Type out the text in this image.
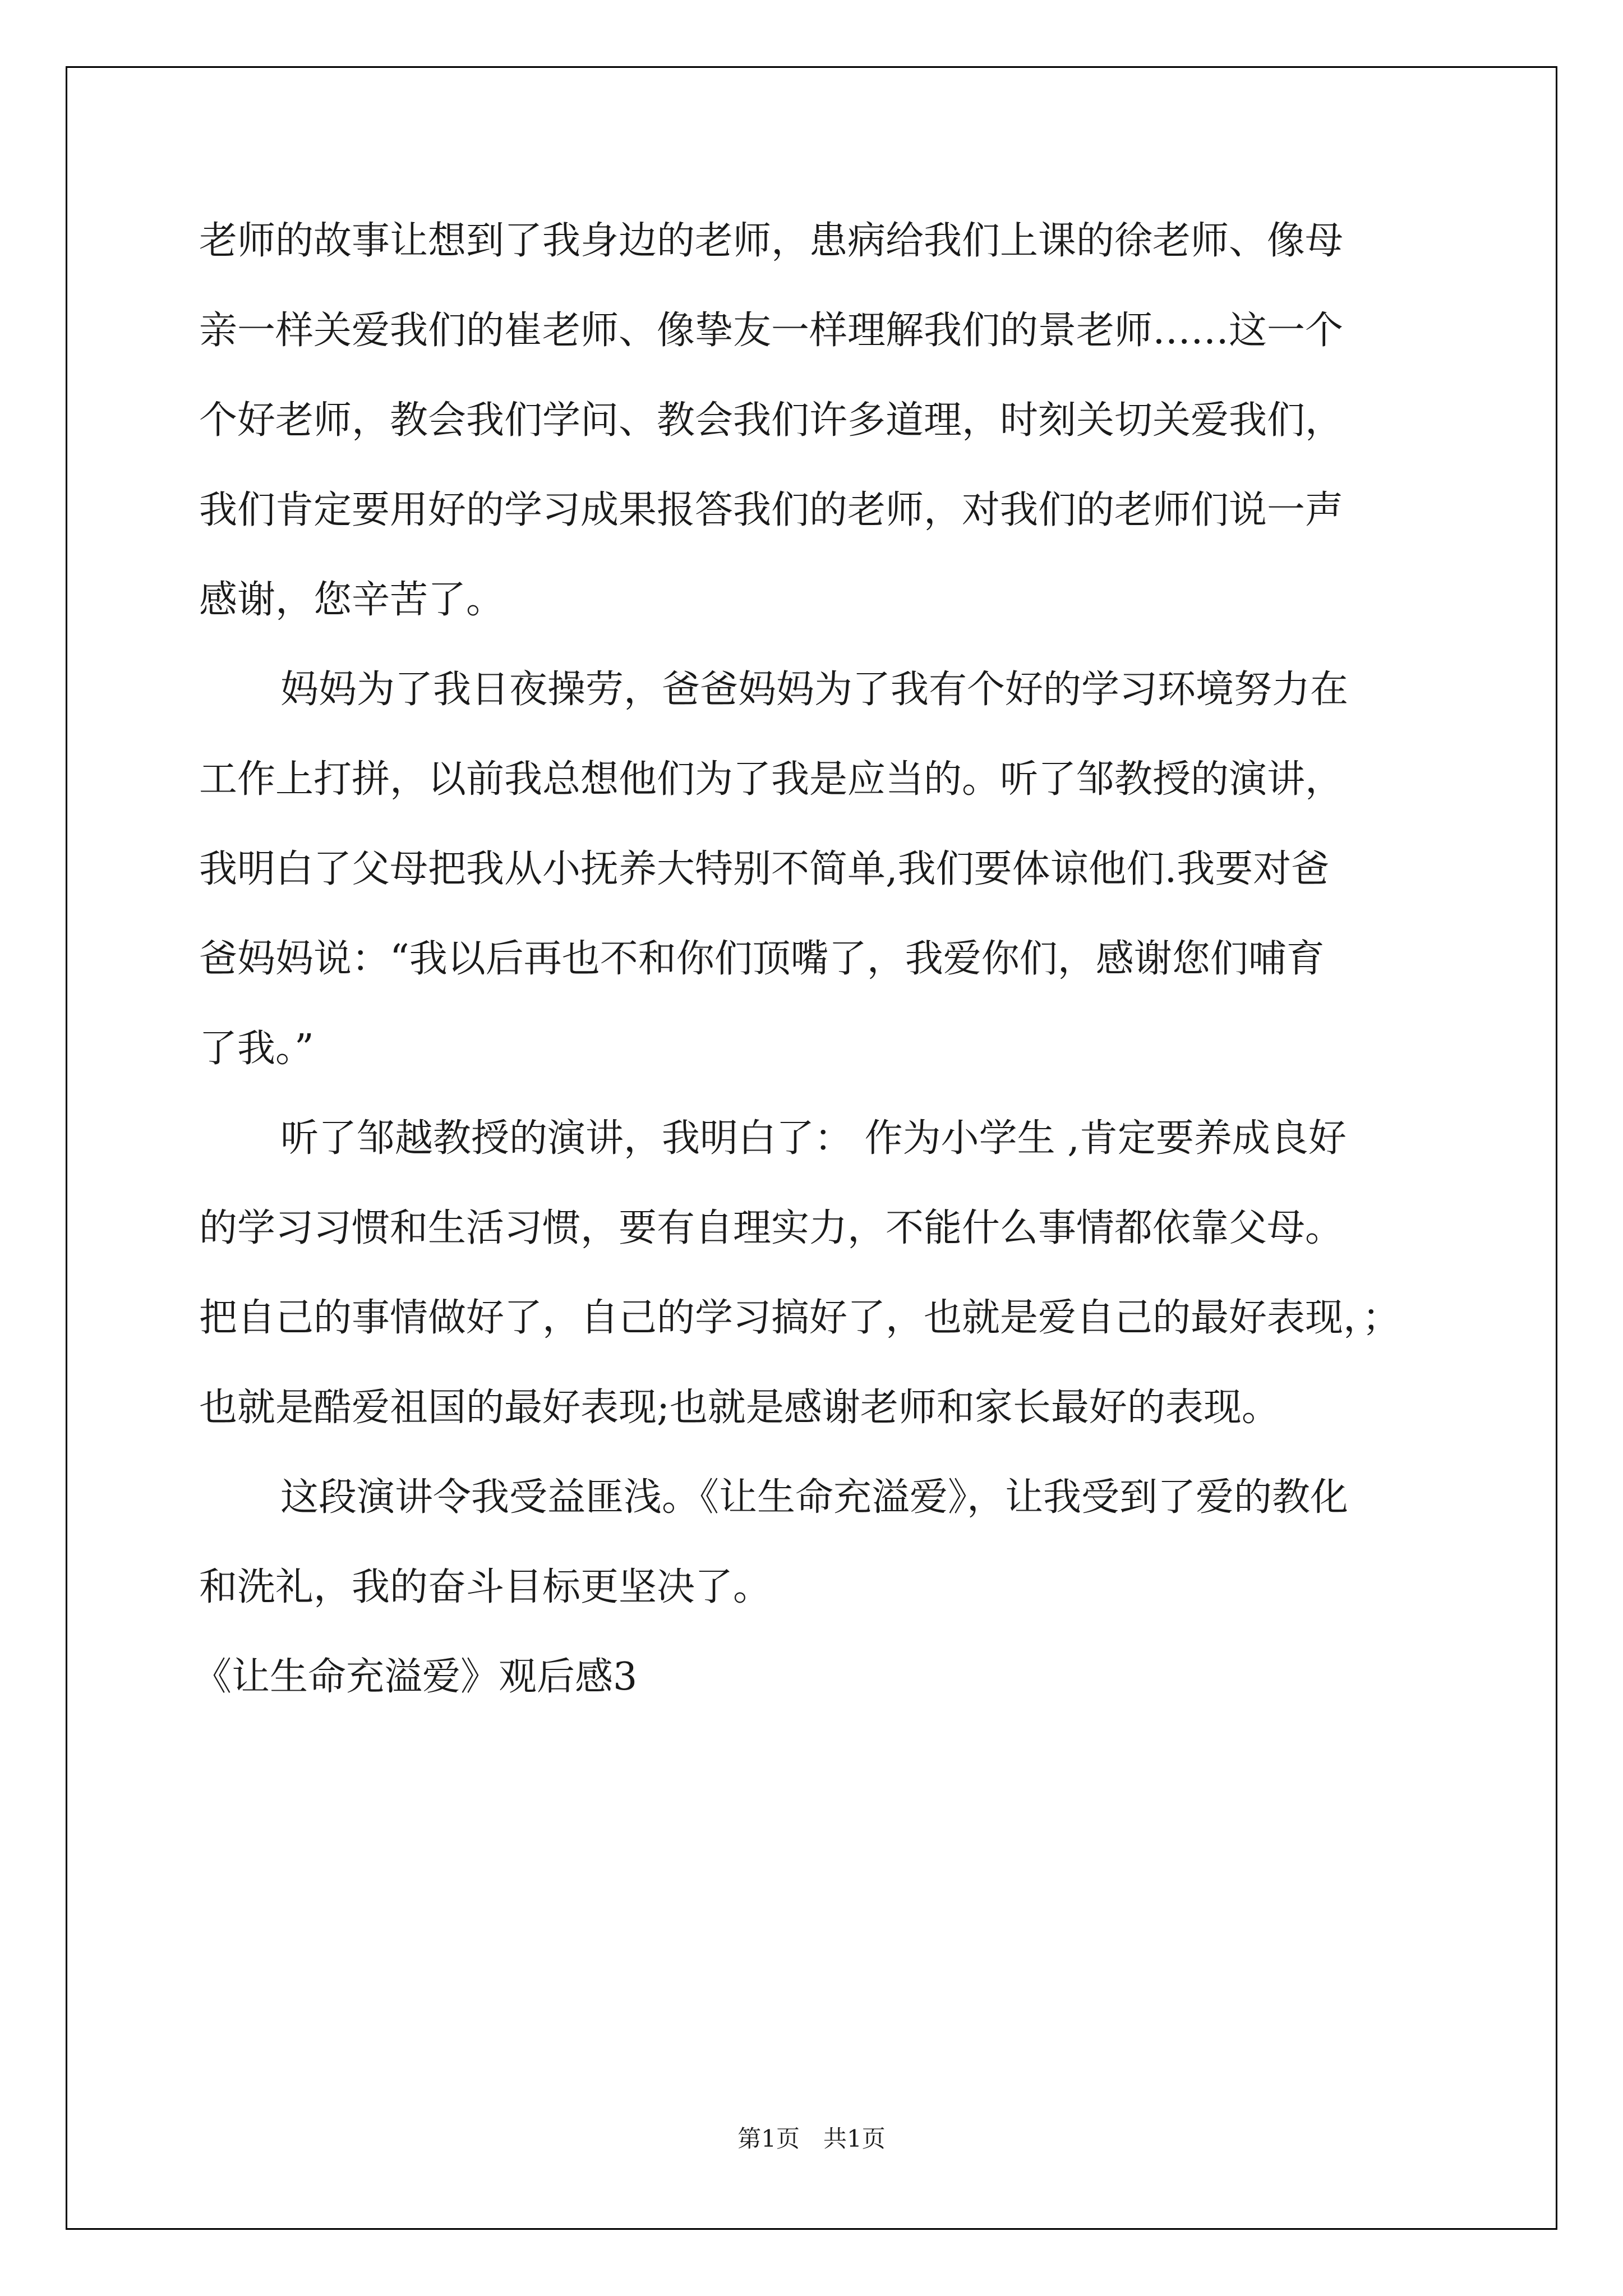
老师的故事让想到了我身边的老师，患病给我们上课的徐老师、像母
亲一样关爱我们的崔老师、像挚友一样理解我们的景老师……这一个
个好老师，教会我们学问、教会我们许多道理，时刻关切关爱我们，
我们肯定要用好的学习成果报答我们的老师，对我们的老师们说一声
感谢，您辛苦了。
妈妈为了我日夜操劳，爸爸妈妈为了我有个好的学习环境努力在
工作上打拼，以前我总想他们为了我是应当的。听了邹教授的演讲，
我明白了父母把我从小抚养大特别不简单,我们要体谅他们.我要对爸
爸妈妈说：“我以后再也不和你们顶嘴了，我爱你们，感谢您们哺育
了我。”
听了邹越教授的演讲，我明白了： 作为小学生 ,肯定要养成良好
的学习习惯和生活习惯，要有自理实力，不能什么事情都依靠父母。
把自己的事情做好了，自己的学习搞好了，也就是爱自己的最好表现，；
也就是酷爱祖国的最好表现;也就是感谢老师和家长最好的表现。
这段演讲令我受益匪浅。《让生命充溢爱》，让我受到了爱的教化
和洗礼，我的奋斗目标更坚决了。
《让生命充溢爱》观后感3
第1页　共1页
